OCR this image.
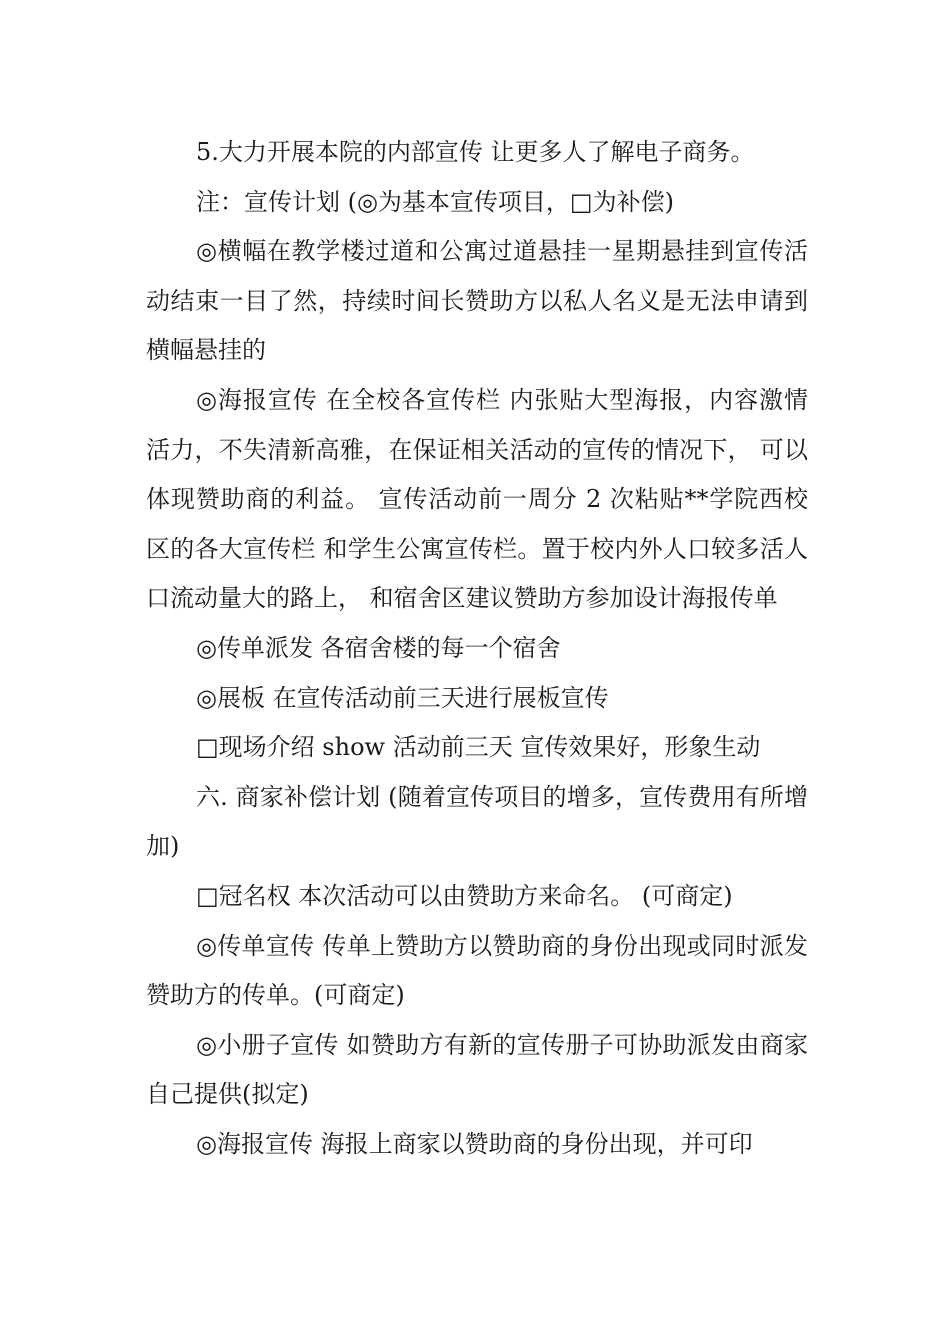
5.大力开展本院的内部宣传 让更多人了解电子商务。

注：宣传计划 (◎为基本宣传项目，□为补偿)

◎横幅在教学楼过道和公寓过道悬挂一星期悬挂到宣传活动结束一目了然，持续时间长赞助方以私人名义是无法申请到横幅悬挂的

◎海报宣传 在全校各宣传栏 内张贴大型海报，内容激情 活力，不失清新高雅，在保证相关活动的宣传的情况下， 可以体现赞助商的利益。 宣传活动前一周分 2 次粘贴**学院西校区的各大宣传栏 和学生公寓宣传栏。置于校内外人口较多活人口流动量大的路上， 和宿舍区建议赞助方参加设计海报传单

◎传单派发 各宿舍楼的每一个宿舍

◎展板 在宣传活动前三天进行展板宣传

□现场介绍 show 活动前三天 宣传效果好，形象生动

六. 商家补偿计划 (随着宣传项目的增多，宣传费用有所增加)

□冠名权 本次活动可以由赞助方来命名。 (可商定)

◎传单宣传 传单上赞助方以赞助商的身份出现或同时派发赞助方的传单。(可商定)

◎小册子宣传 如赞助方有新的宣传册子可协助派发由商家自己提供(拟定)

◎海报宣传 海报上商家以赞助商的身份出现，并可印
